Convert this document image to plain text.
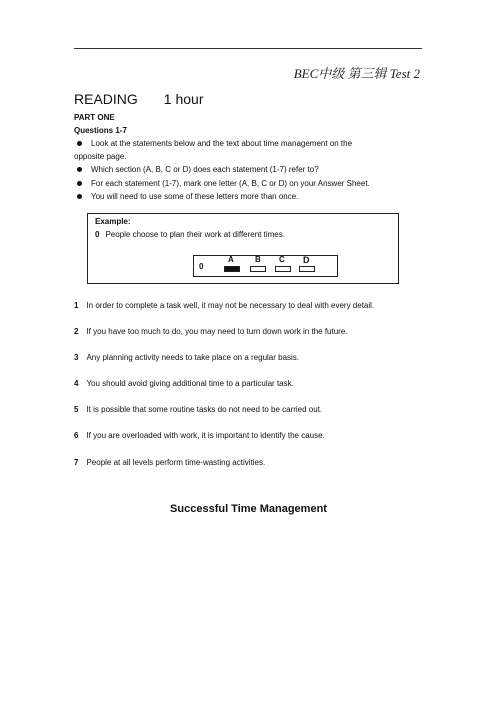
BEC中级 第三辑 Test 2
READING 1 hour
PART ONE
Questions 1-7
Look at the statements below and the text about time management on the
opposite page.
Which section (A, B, C or D) does each statement (1-7) refer to?
For each statement (1-7), mark one letter (A, B, C or D) on your Answer Sheet.
You will need to use some of these letters more than once.
Example:
0 People choose to plan their work at different times.
0
A	B C D
1 In order to complete a task well, it may not be necessary to deal with every detail.
2 If you have too much to do, you may need to turn down work in the future.
3 Any planning activity needs to take place on a regular basis.
4 You should avoid giving additional time to a particular task.
5 It is possible that some routine tasks do not need to be carried out.
6 If you are overloaded with work, it is important to identify the cause.
7 People at all levels perform time-wasting activities.
Successful Time Management
